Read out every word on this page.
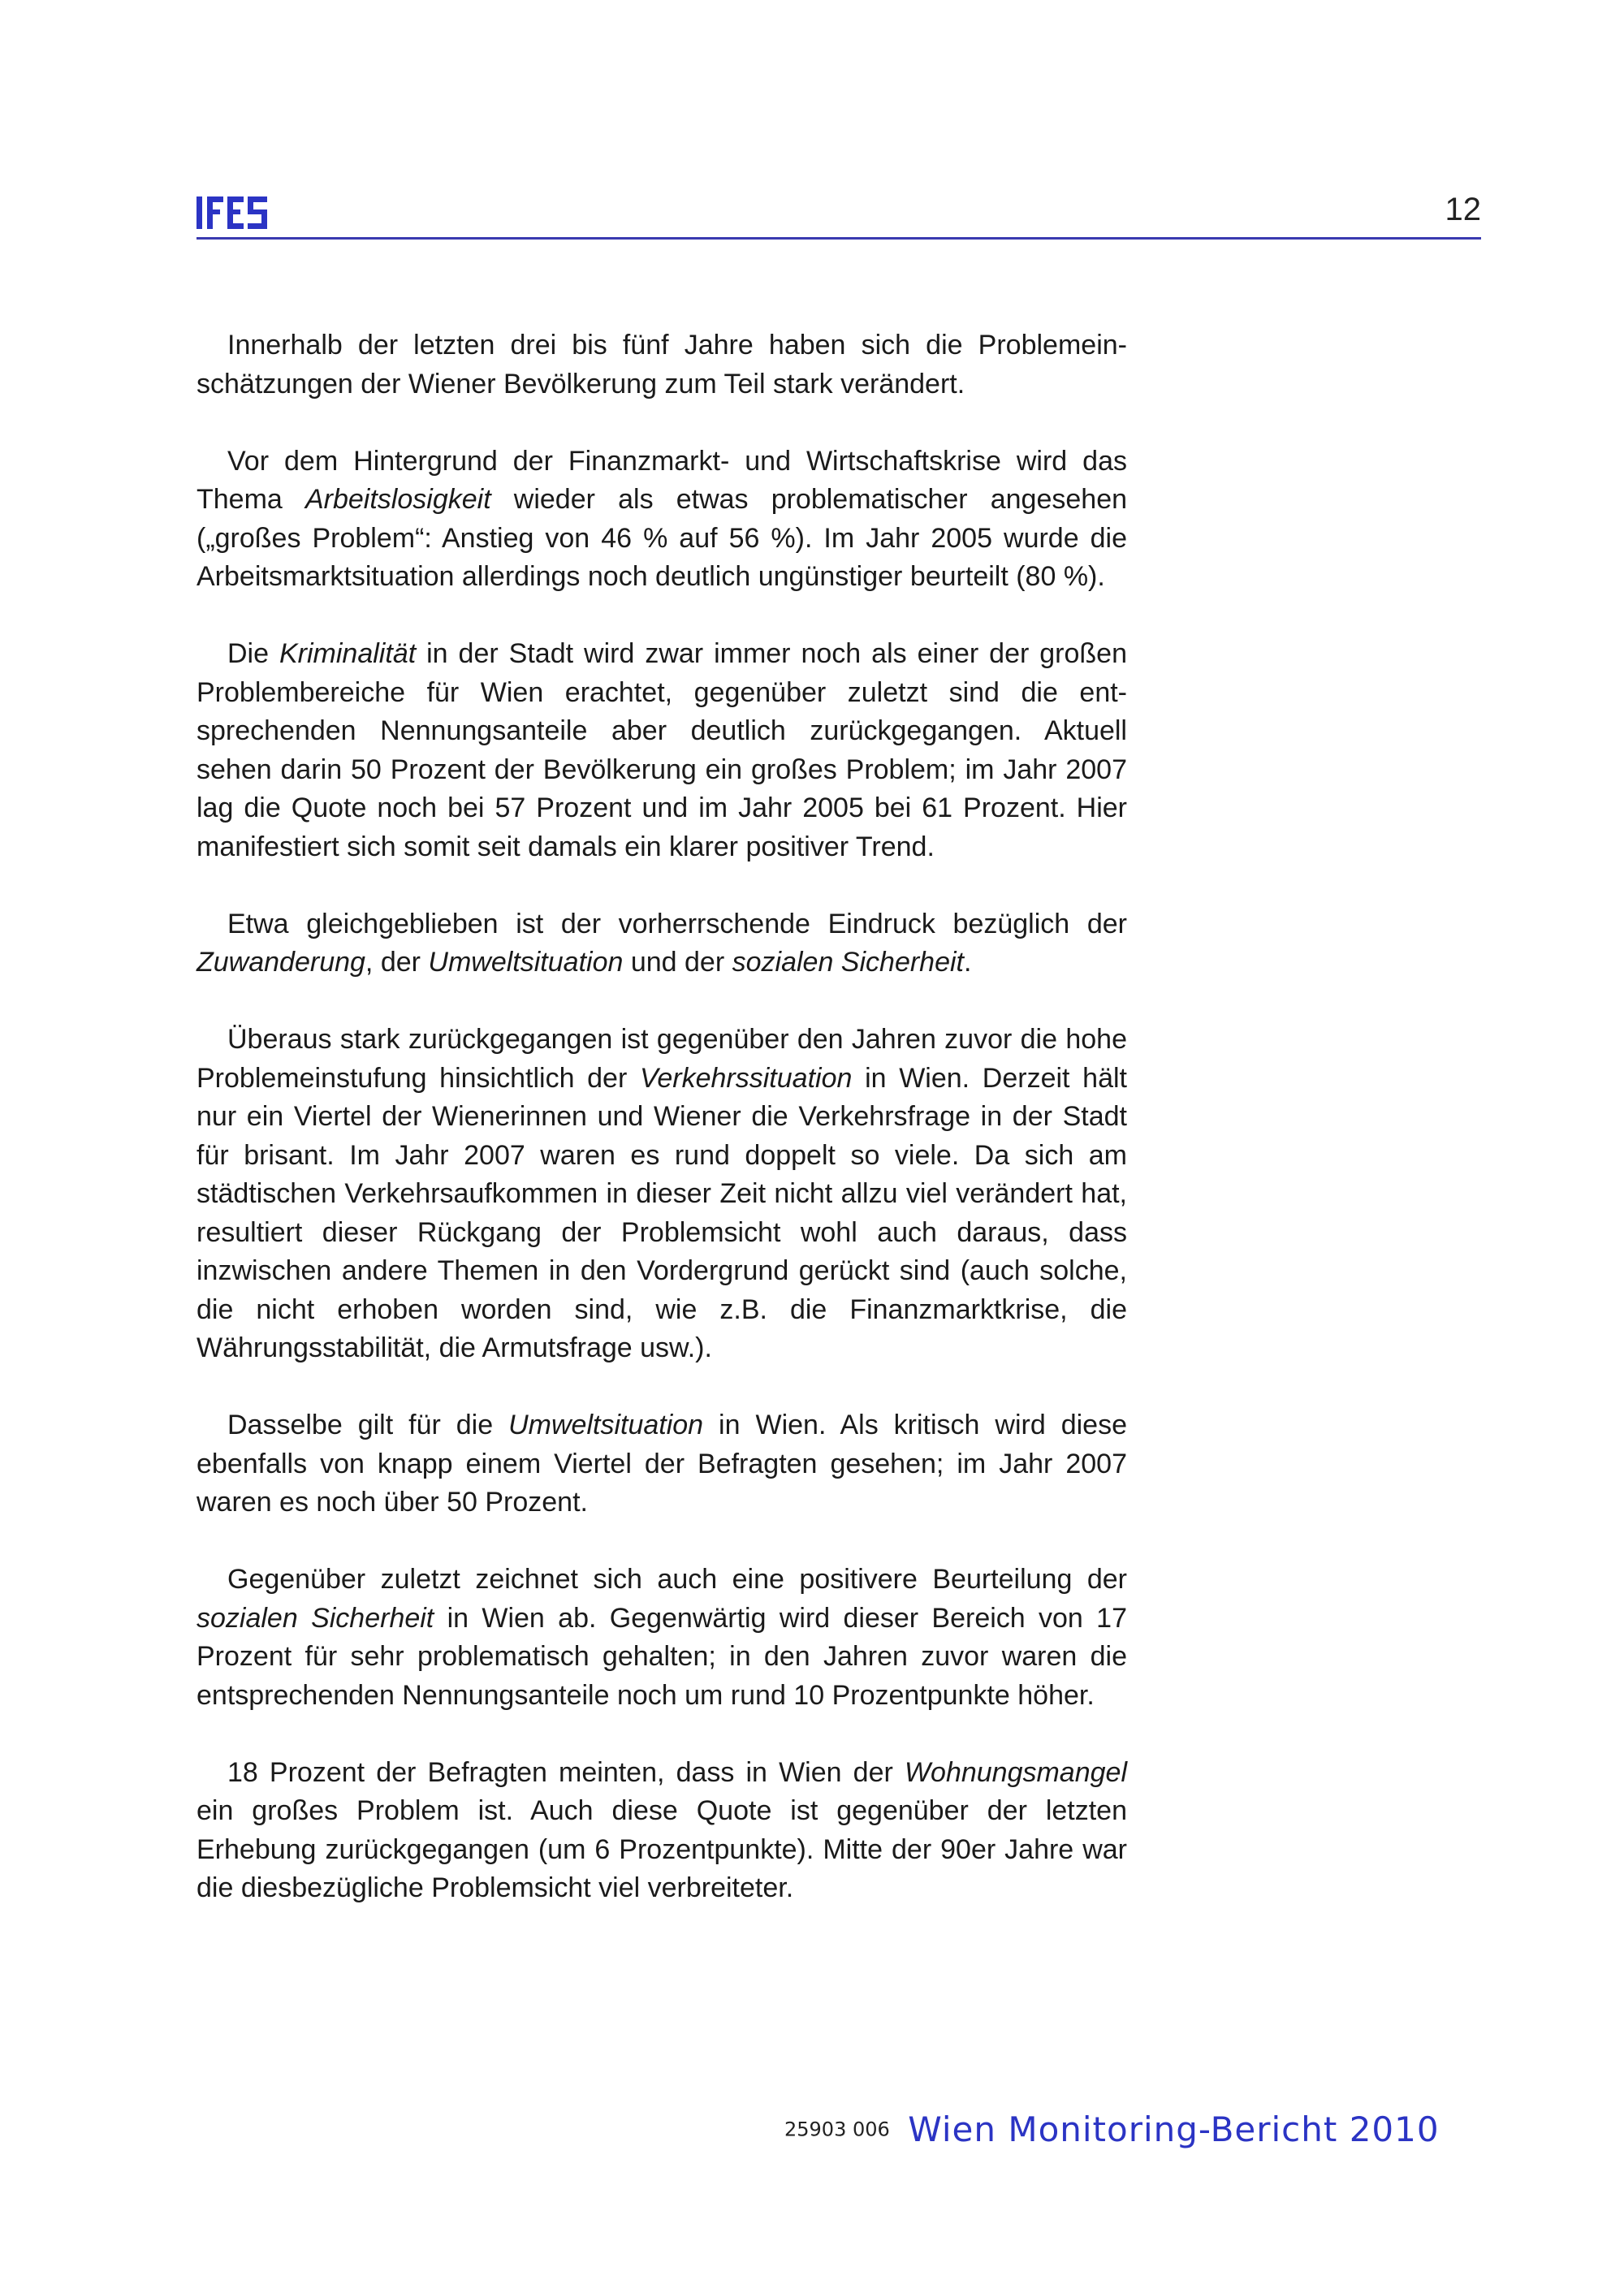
12

Innerhalb der letzten drei bis fünf Jahre haben sich die Problemeinschätzungen der Wiener Bevölkerung zum Teil stark verändert.

Vor dem Hintergrund der Finanzmarkt- und Wirtschaftskrise wird das Thema Arbeitslosigkeit wieder als etwas problematischer angesehen („großes Problem“: Anstieg von 46 % auf 56 %). Im Jahr 2005 wurde die Arbeitsmarktsituation allerdings noch deutlich ungünstiger beurteilt (80 %).

Die Kriminalität in der Stadt wird zwar immer noch als einer der großen Problembereiche für Wien erachtet, gegenüber zuletzt sind die entsprechenden Nennungsanteile aber deutlich zurückgegangen. Aktuell sehen darin 50 Prozent der Bevölkerung ein großes Problem; im Jahr 2007 lag die Quote noch bei 57 Prozent und im Jahr 2005 bei 61 Prozent. Hier manifestiert sich somit seit damals ein klarer positiver Trend.

Etwa gleichgeblieben ist der vorherrschende Eindruck bezüglich der Zuwanderung, der Umweltsituation und der sozialen Sicherheit.

Überaus stark zurückgegangen ist gegenüber den Jahren zuvor die hohe Problemeinstufung hinsichtlich der Verkehrssituation in Wien. Derzeit hält nur ein Viertel der Wienerinnen und Wiener die Verkehrsfrage in der Stadt für brisant. Im Jahr 2007 waren es rund doppelt so viele. Da sich am städtischen Verkehrsaufkommen in dieser Zeit nicht allzu viel verändert hat, resultiert dieser Rückgang der Problemsicht wohl auch daraus, dass inzwischen andere Themen in den Vordergrund gerückt sind (auch solche, die nicht erhoben worden sind, wie z.B. die Finanzmarktkrise, die Währungsstabilität, die Armutsfrage usw.).

Dasselbe gilt für die Umweltsituation in Wien. Als kritisch wird diese ebenfalls von knapp einem Viertel der Befragten gesehen; im Jahr 2007 waren es noch über 50 Prozent.

Gegenüber zuletzt zeichnet sich auch eine positivere Beurteilung der sozialen Sicherheit in Wien ab. Gegenwärtig wird dieser Bereich von 17 Prozent für sehr problematisch gehalten; in den Jahren zuvor waren die entsprechenden Nennungsanteile noch um rund 10 Prozentpunkte höher.

18 Prozent der Befragten meinten, dass in Wien der Wohnungsmangel ein großes Problem ist. Auch diese Quote ist gegenüber der letzten Erhebung zurückgegangen (um 6 Prozentpunkte). Mitte der 90er Jahre war die diesbezügliche Problemsicht viel verbreiteter.

25903 006 Wien Monitoring-Bericht 2010
